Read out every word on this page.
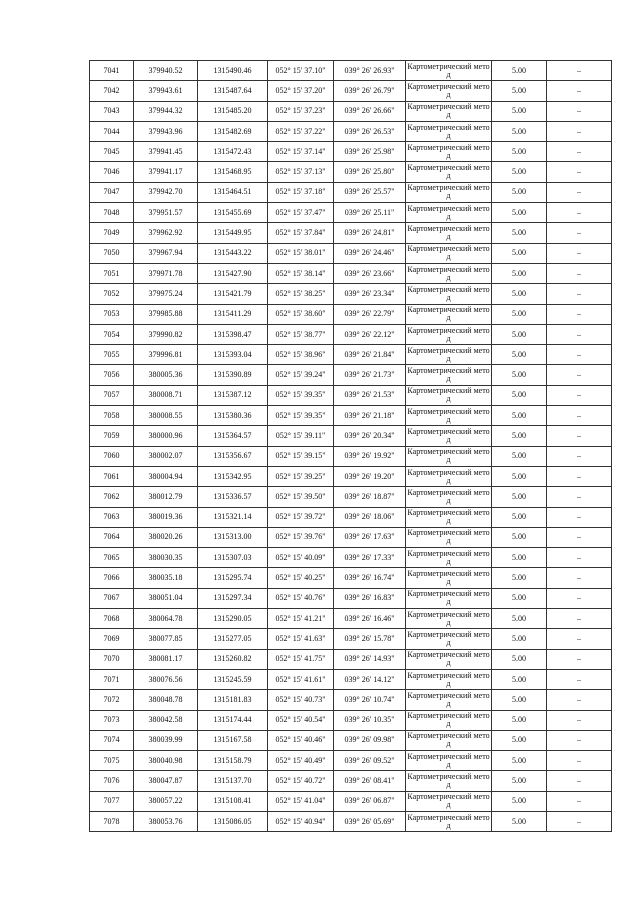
7041	379940.52	1315490.46	052° 15' 37.10"	039° 26' 26.93"	Картометрический метод	5.00	–
7042	379943.61	1315487.64	052° 15' 37.20"	039° 26' 26.79"	Картометрический метод	5.00	–
7043	379944.32	1315485.20	052° 15' 37.23"	039° 26' 26.66"	Картометрический метод	5.00	–
7044	379943.96	1315482.69	052° 15' 37.22"	039° 26' 26.53"	Картометрический метод	5.00	–
7045	379941.45	1315472.43	052° 15' 37.14"	039° 26' 25.98"	Картометрический метод	5.00	–
7046	379941.17	1315468.95	052° 15' 37.13"	039° 26' 25.80"	Картометрический метод	5.00	–
7047	379942.70	1315464.51	052° 15' 37.18"	039° 26' 25.57"	Картометрический метод	5.00	–
7048	379951.57	1315455.69	052° 15' 37.47"	039° 26' 25.11"	Картометрический метод	5.00	–
7049	379962.92	1315449.95	052° 15' 37.84"	039° 26' 24.81"	Картометрический метод	5.00	–
7050	379967.94	1315443.22	052° 15' 38.01"	039° 26' 24.46"	Картометрический метод	5.00	–
7051	379971.78	1315427.90	052° 15' 38.14"	039° 26' 23.66"	Картометрический метод	5.00	–
7052	379975.24	1315421.79	052° 15' 38.25"	039° 26' 23.34"	Картометрический метод	5.00	–
7053	379985.88	1315411.29	052° 15' 38.60"	039° 26' 22.79"	Картометрический метод	5.00	–
7054	379990.82	1315398.47	052° 15' 38.77"	039° 26' 22.12"	Картометрический метод	5.00	–
7055	379996.81	1315393.04	052° 15' 38.96"	039° 26' 21.84"	Картометрический метод	5.00	–
7056	380005.36	1315390.89	052° 15' 39.24"	039° 26' 21.73"	Картометрический метод	5.00	–
7057	380008.71	1315387.12	052° 15' 39.35"	039° 26' 21.53"	Картометрический метод	5.00	–
7058	380008.55	1315380.36	052° 15' 39.35"	039° 26' 21.18"	Картометрический метод	5.00	–
7059	380000.96	1315364.57	052° 15' 39.11"	039° 26' 20.34"	Картометрический метод	5.00	–
7060	380002.07	1315356.67	052° 15' 39.15"	039° 26' 19.92"	Картометрический метод	5.00	–
7061	380004.94	1315342.95	052° 15' 39.25"	039° 26' 19.20"	Картометрический метод	5.00	–
7062	380012.79	1315336.57	052° 15' 39.50"	039° 26' 18.87"	Картометрический метод	5.00	–
7063	380019.36	1315321.14	052° 15' 39.72"	039° 26' 18.06"	Картометрический метод	5.00	–
7064	380020.26	1315313.00	052° 15' 39.76"	039° 26' 17.63"	Картометрический метод	5.00	–
7065	380030.35	1315307.03	052° 15' 40.09"	039° 26' 17.33"	Картометрический метод	5.00	–
7066	380035.18	1315295.74	052° 15' 40.25"	039° 26' 16.74"	Картометрический метод	5.00	–
7067	380051.04	1315297.34	052° 15' 40.76"	039° 26' 16.83"	Картометрический метод	5.00	–
7068	380064.78	1315290.05	052° 15' 41.21"	039° 26' 16.46"	Картометрический метод	5.00	–
7069	380077.85	1315277.05	052° 15' 41.63"	039° 26' 15.78"	Картометрический метод	5.00	–
7070	380081.17	1315260.82	052° 15' 41.75"	039° 26' 14.93"	Картометрический метод	5.00	–
7071	380076.56	1315245.59	052° 15' 41.61"	039° 26' 14.12"	Картометрический метод	5.00	–
7072	380048.78	1315181.83	052° 15' 40.73"	039° 26' 10.74"	Картометрический метод	5.00	–
7073	380042.58	1315174.44	052° 15' 40.54"	039° 26' 10.35"	Картометрический метод	5.00	–
7074	380039.99	1315167.58	052° 15' 40.46"	039° 26' 09.98"	Картометрический метод	5.00	–
7075	380040.98	1315158.79	052° 15' 40.49"	039° 26' 09.52"	Картометрический метод	5.00	–
7076	380047.87	1315137.70	052° 15' 40.72"	039° 26' 08.41"	Картометрический метод	5.00	–
7077	380057.22	1315108.41	052° 15' 41.04"	039° 26' 06.87"	Картометрический метод	5.00	–
7078	380053.76	1315086.05	052° 15' 40.94"	039° 26' 05.69"	Картометрический метод	5.00	–
